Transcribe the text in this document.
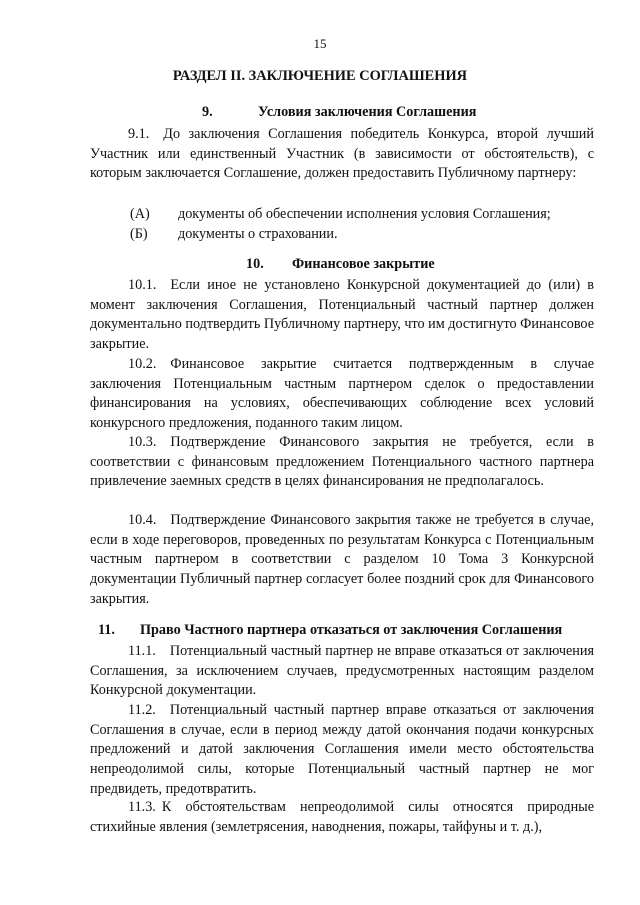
15
РАЗДЕЛ II. ЗАКЛЮЧЕНИЕ СОГЛАШЕНИЯ
9.	Условия заключения Соглашения
9.1. До заключения Соглашения победитель Конкурса, второй лучший Участник или единственный Участник (в зависимости от обстоятельств), с которым заключается Соглашение, должен предоставить Публичному партнеру:
(А) документы об обеспечении исполнения условия Соглашения;
(Б) документы о страховании.
10. Финансовое закрытие
10.1. Если иное не установлено Конкурсной документацией до (или) в момент заключения Соглашения, Потенциальный частный партнер должен документально подтвердить Публичному партнеру, что им достигнуто Финансовое закрытие.
10.2. Финансовое закрытие считается подтвержденным в случае заключения Потенциальным частным партнером сделок о предоставлении финансирования на условиях, обеспечивающих соблюдение всех условий конкурсного предложения, поданного таким лицом.
10.3. Подтверждение Финансового закрытия не требуется, если в соответствии с финансовым предложением Потенциального частного партнера привлечение заемных средств в целях финансирования не предполагалось.
10.4. Подтверждение Финансового закрытия также не требуется в случае, если в ходе переговоров, проведенных по результатам Конкурса с Потенциальным частным партнером в соответствии с разделом 10 Тома 3 Конкурсной документации Публичный партнер согласует более поздний срок для Финансового закрытия.
11. Право Частного партнера отказаться от заключения Соглашения
11.1. Потенциальный частный партнер не вправе отказаться от заключения Соглашения, за исключением случаев, предусмотренных настоящим разделом Конкурсной документации.
11.2. Потенциальный частный партнер вправе отказаться от заключения Соглашения в случае, если в период между датой окончания подачи конкурсных предложений и датой заключения Соглашения имели место обстоятельства непреодолимой силы, которые Потенциальный частный партнер не мог предвидеть, предотвратить.
11.3. К обстоятельствам непреодолимой силы относятся природные стихийные явления (землетрясения, наводнения, пожары, тайфуны и т. д.),
